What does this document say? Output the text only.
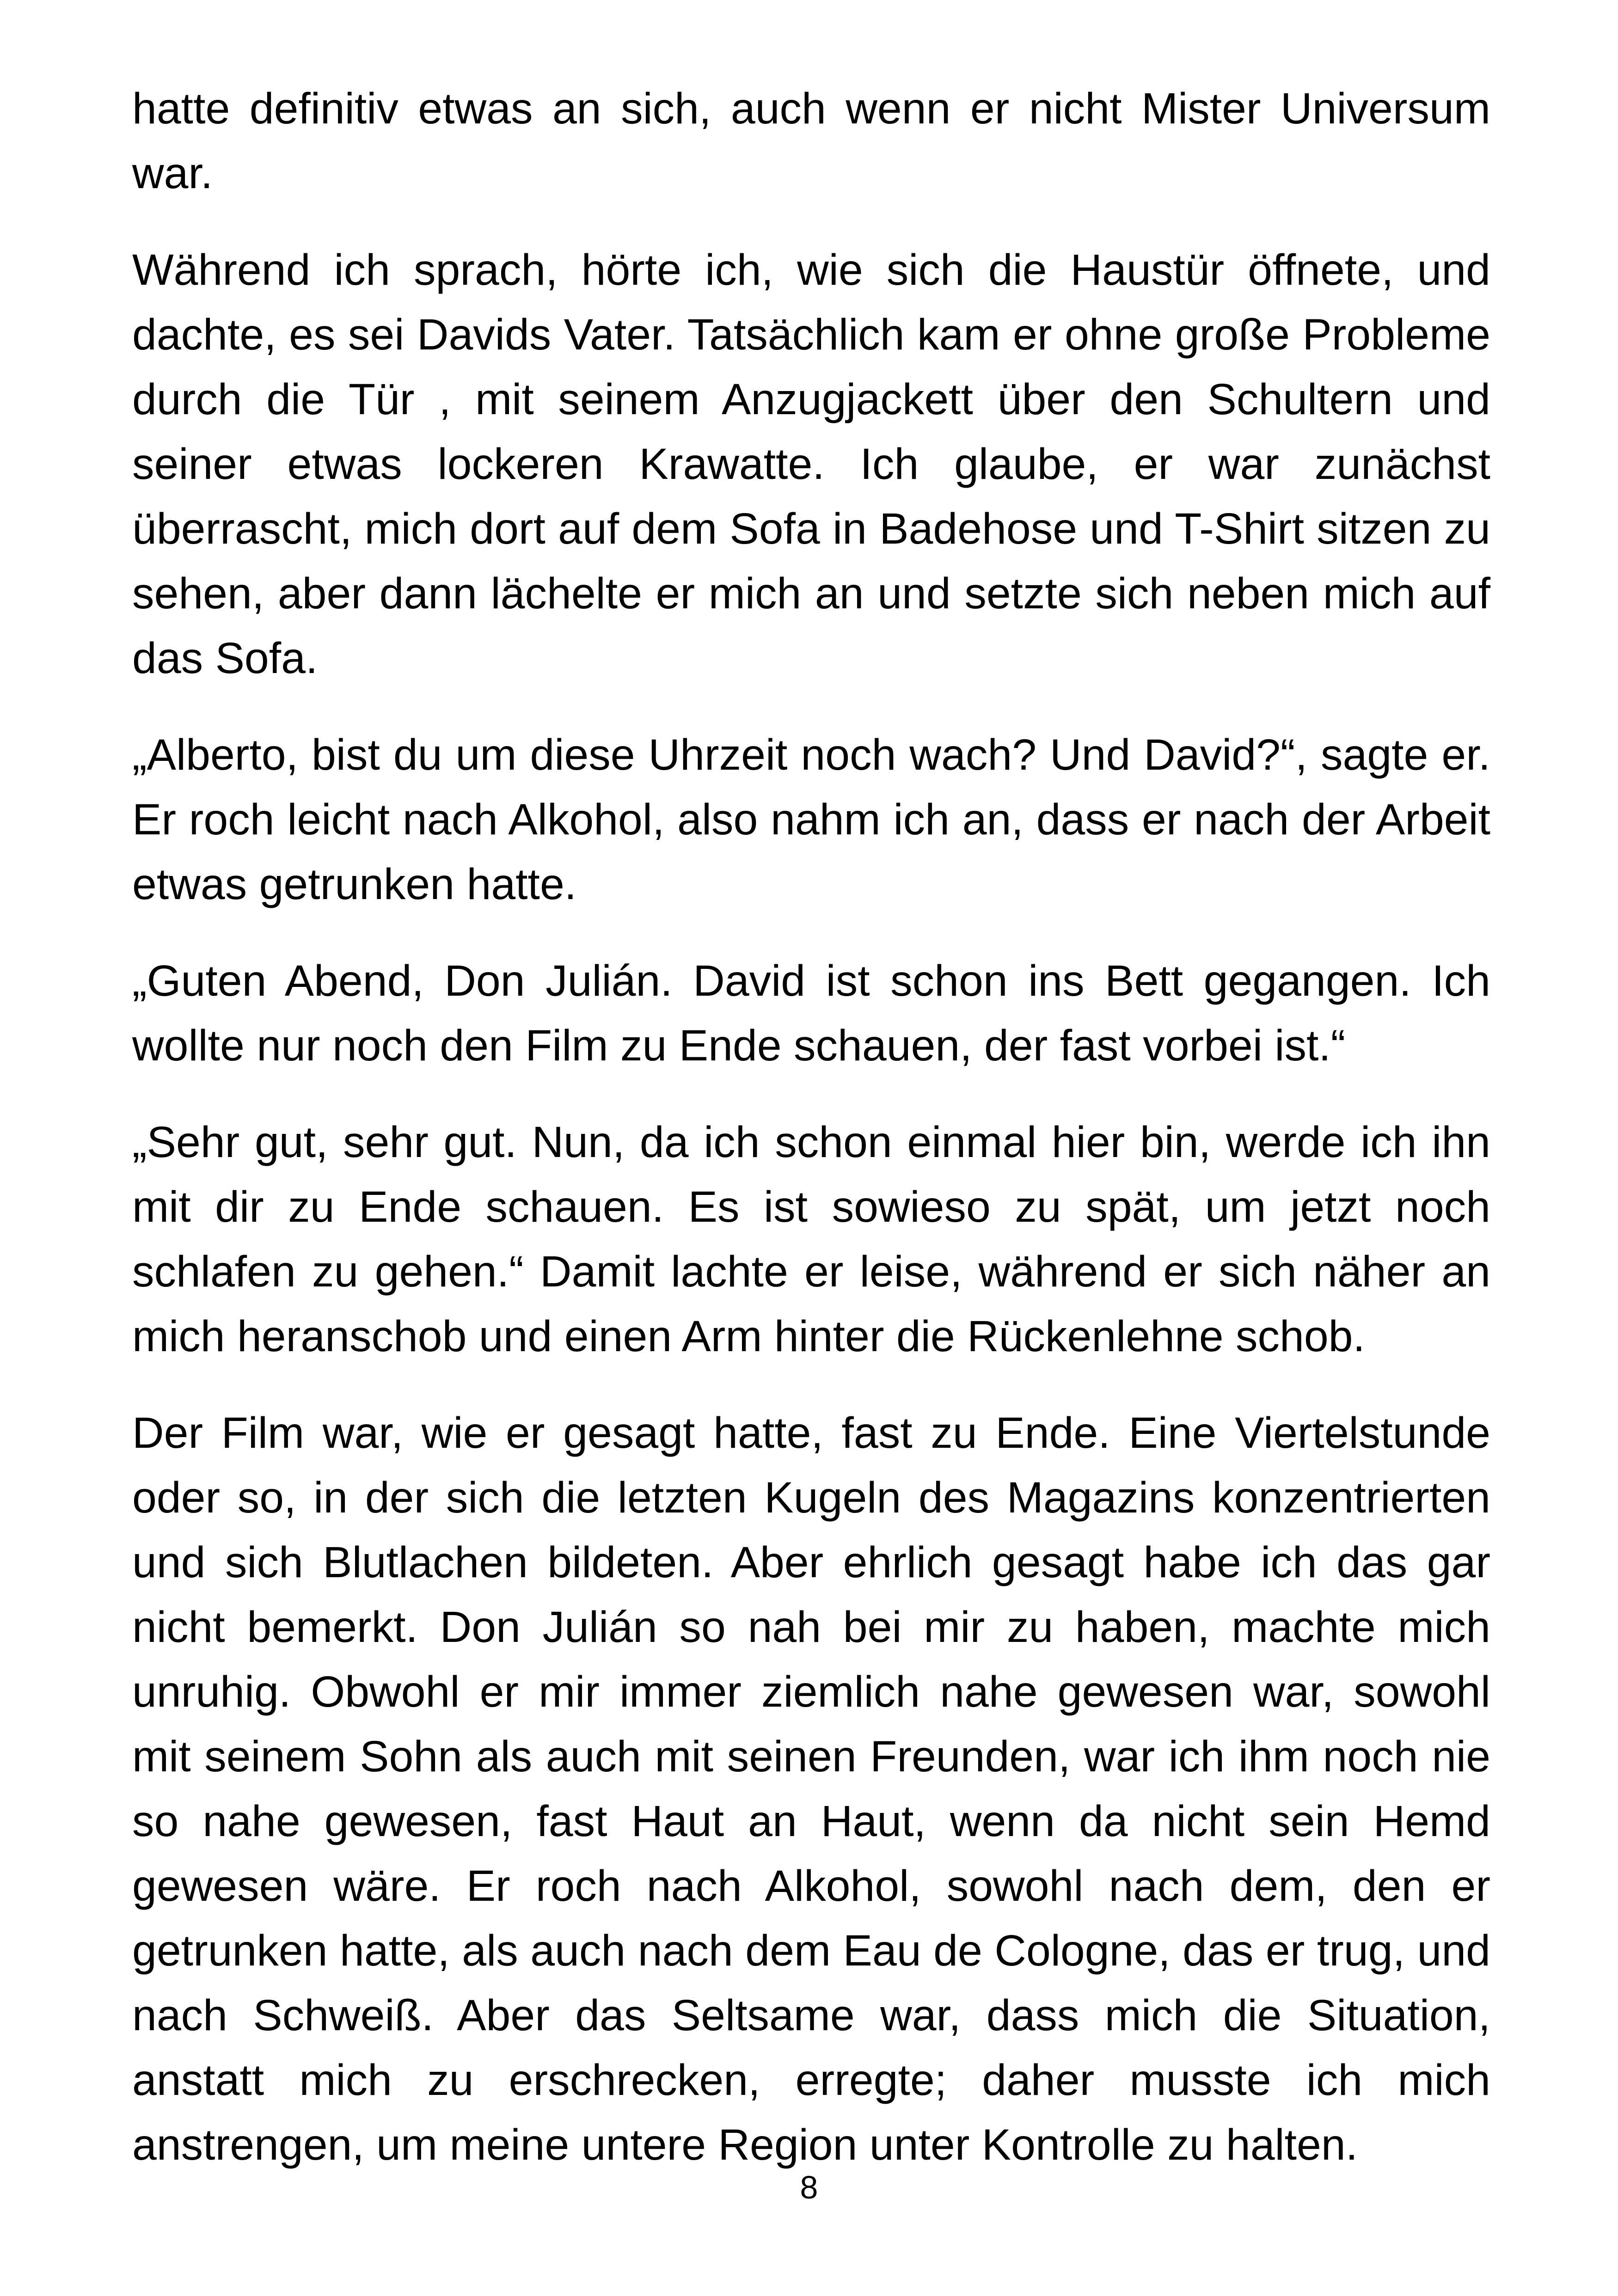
hatte definitiv etwas an sich, auch wenn er nicht Mister Universum war.

Während ich sprach, hörte ich, wie sich die Haustür öffnete, und dachte, es sei Davids Vater. Tatsächlich kam er ohne große Probleme durch die Tür , mit seinem Anzugjackett über den Schultern und seiner etwas lockeren Krawatte. Ich glaube, er war zunächst überrascht, mich dort auf dem Sofa in Badehose und T-Shirt sitzen zu sehen, aber dann lächelte er mich an und setzte sich neben mich auf das Sofa.

„Alberto, bist du um diese Uhrzeit noch wach? Und David?“, sagte er. Er roch leicht nach Alkohol, also nahm ich an, dass er nach der Arbeit etwas getrunken hatte.

„Guten Abend, Don Julián. David ist schon ins Bett gegangen. Ich wollte nur noch den Film zu Ende schauen, der fast vorbei ist.“

„Sehr gut, sehr gut. Nun, da ich schon einmal hier bin, werde ich ihn mit dir zu Ende schauen. Es ist sowieso zu spät, um jetzt noch schlafen zu gehen.“ Damit lachte er leise, während er sich näher an mich heranschob und einen Arm hinter die Rückenlehne schob.

Der Film war, wie er gesagt hatte, fast zu Ende. Eine Viertelstunde oder so, in der sich die letzten Kugeln des Magazins konzentrierten und sich Blutlachen bildeten. Aber ehrlich gesagt habe ich das gar nicht bemerkt. Don Julián so nah bei mir zu haben, machte mich unruhig. Obwohl er mir immer ziemlich nahe gewesen war, sowohl mit seinem Sohn als auch mit seinen Freunden, war ich ihm noch nie so nahe gewesen, fast Haut an Haut, wenn da nicht sein Hemd gewesen wäre. Er roch nach Alkohol, sowohl nach dem, den er getrunken hatte, als auch nach dem Eau de Cologne, das er trug, und nach Schweiß. Aber das Seltsame war, dass mich die Situation, anstatt mich zu erschrecken, erregte; daher musste ich mich anstrengen, um meine untere Region unter Kontrolle zu halten.

8
